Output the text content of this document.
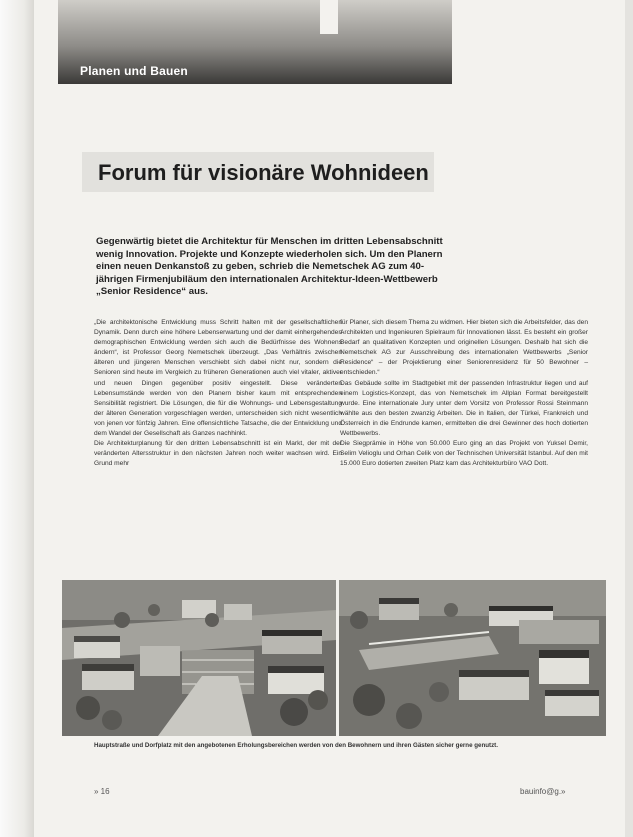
Planen und Bauen
Forum für visionäre Wohnideen
Gegenwärtig bietet die Architektur für Menschen im dritten Lebensabschnitt wenig Innovation. Projekte und Konzepte wiederholen sich. Um den Planern einen neuen Denkanstoß zu geben, schrieb die Nemetschek AG zum 40-jährigen Firmenjubiläum den internationalen Architektur-Ideen-Wettbewerb „Senior Residence“ aus.

„Die architektonische Entwicklung muss Schritt halten mit der gesellschaftlichen Dynamik. Denn durch eine höhere Lebenserwartung und der damit einhergehenden demographischen Entwicklung werden sich auch die Bedürfnisse des Wohnens ändern“, ist Professor Georg Nemetschek überzeugt. „Das Verhältnis zwischen älteren und jüngeren Menschen verschiebt sich dabei nicht nur, sondern die Senioren sind heute im Vergleich zu früheren Generationen auch viel vitaler, aktiver und neuen Dingen gegenüber positiv eingestellt. Diese veränderten Lebensumstände werden von den Planern bisher kaum mit entsprechenden Sensibilität registriert. Die Lösungen, die für die Wohnungs- und Lebensgestaltung der älteren Generation vorgeschlagen werden, unterscheiden sich nicht wesentlich von jenen vor fünfzig Jahren. Eine offensichtliche Tatsache, die der Entwicklung und dem Wandel der Gesellschaft als Ganzes nachhinkt.

Die Architekturplanung für den dritten Lebensabschnitt ist ein Markt, der mit der veränderten Altersstruktur in den nächsten Jahren noch weiter wachsen wird. Ein Grund mehr

für Planer, sich diesem Thema zu widmen. Hier bieten sich die Arbeitsfelder, das den Architekten und Ingenieuren Spielraum für Innovationen lässt. Es besteht ein großer Bedarf an qualitativen Konzepten und originellen Lösungen. Deshalb hat sich die Nemetschek AG zur Ausschreibung des internationalen Wettbewerbs „Senior Residence“ – der Projektierung einer Seniorenresidenz für 50 Bewohner – entschieden.“

Das Gebäude sollte im Stadtgebiet mit der passenden Infrastruktur liegen und auf einem Logistics-Konzept, das von Nemetschek im Allplan Format bereitgestellt wurde. Eine internationale Jury unter dem Vorsitz von Professor Rossi Steinmann wählte aus den besten zwanzig Arbeiten. Die in Italien, der Türkei, Frankreich und Österreich in die Endrunde kamen, ermittelten die drei Gewinner des hoch dotierten Wettbewerbs.

Die Siegprämie in Höhe von 50.000 Euro ging an das Projekt von Yuksel Demir, Selim Velioglu und Orhan Celik von der Technischen Universität Istanbul. Auf den mit 15.000 Euro dotierten zweiten Platz kam das Architekturbüro VAO Dott.

Hauptstraße und Dorfplatz mit den angebotenen Erholungsbereichen werden von den Bewohnern und ihren Gästen sicher gerne genutzt.
» 16	bauinfo@g.»
